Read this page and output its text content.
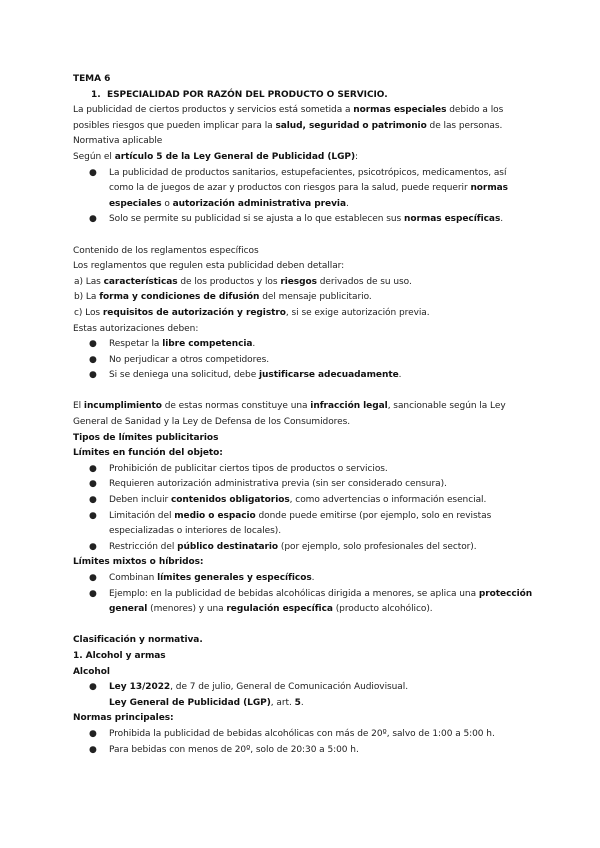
TEMA 6
1. ESPECIALIDAD POR RAZÓN DEL PRODUCTO O SERVICIO.
La publicidad de ciertos productos y servicios está sometida a normas especiales debido a los posibles riesgos que pueden implicar para la salud, seguridad o patrimonio de las personas.
Normativa aplicable
Según el artículo 5 de la Ley General de Publicidad (LGP):
● La publicidad de productos sanitarios, estupefacientes, psicotrópicos, medicamentos, así como la de juegos de azar y productos con riesgos para la salud, puede requerir normas especiales o autorización administrativa previa.
● Solo se permite su publicidad si se ajusta a lo que establecen sus normas específicas.
Contenido de los reglamentos específicos
Los reglamentos que regulen esta publicidad deben detallar:
a) Las características de los productos y los riesgos derivados de su uso.
b) La forma y condiciones de difusión del mensaje publicitario.
c) Los requisitos de autorización y registro, si se exige autorización previa.
Estas autorizaciones deben:
● Respetar la libre competencia.
● No perjudicar a otros competidores.
● Si se deniega una solicitud, debe justificarse adecuadamente.
El incumplimiento de estas normas constituye una infracción legal, sancionable según la Ley General de Sanidad y la Ley de Defensa de los Consumidores.
Tipos de límites publicitarios
Límites en función del objeto:
● Prohibición de publicitar ciertos tipos de productos o servicios.
● Requieren autorización administrativa previa (sin ser considerado censura).
● Deben incluir contenidos obligatorios, como advertencias o información esencial.
● Limitación del medio o espacio donde puede emitirse (por ejemplo, solo en revistas especializadas o interiores de locales).
● Restricción del público destinatario (por ejemplo, solo profesionales del sector).
Límites mixtos o híbridos:
● Combinan límites generales y específicos.
● Ejemplo: en la publicidad de bebidas alcohólicas dirigida a menores, se aplica una protección general (menores) y una regulación específica (producto alcohólico).
Clasificación y normativa.
1. Alcohol y armas
Alcohol
● Ley 13/2022, de 7 de julio, General de Comunicación Audiovisual.
Ley General de Publicidad (LGP), art. 5.
Normas principales:
● Prohibida la publicidad de bebidas alcohólicas con más de 20º, salvo de 1:00 a 5:00 h.
● Para bebidas con menos de 20º, solo de 20:30 a 5:00 h.
